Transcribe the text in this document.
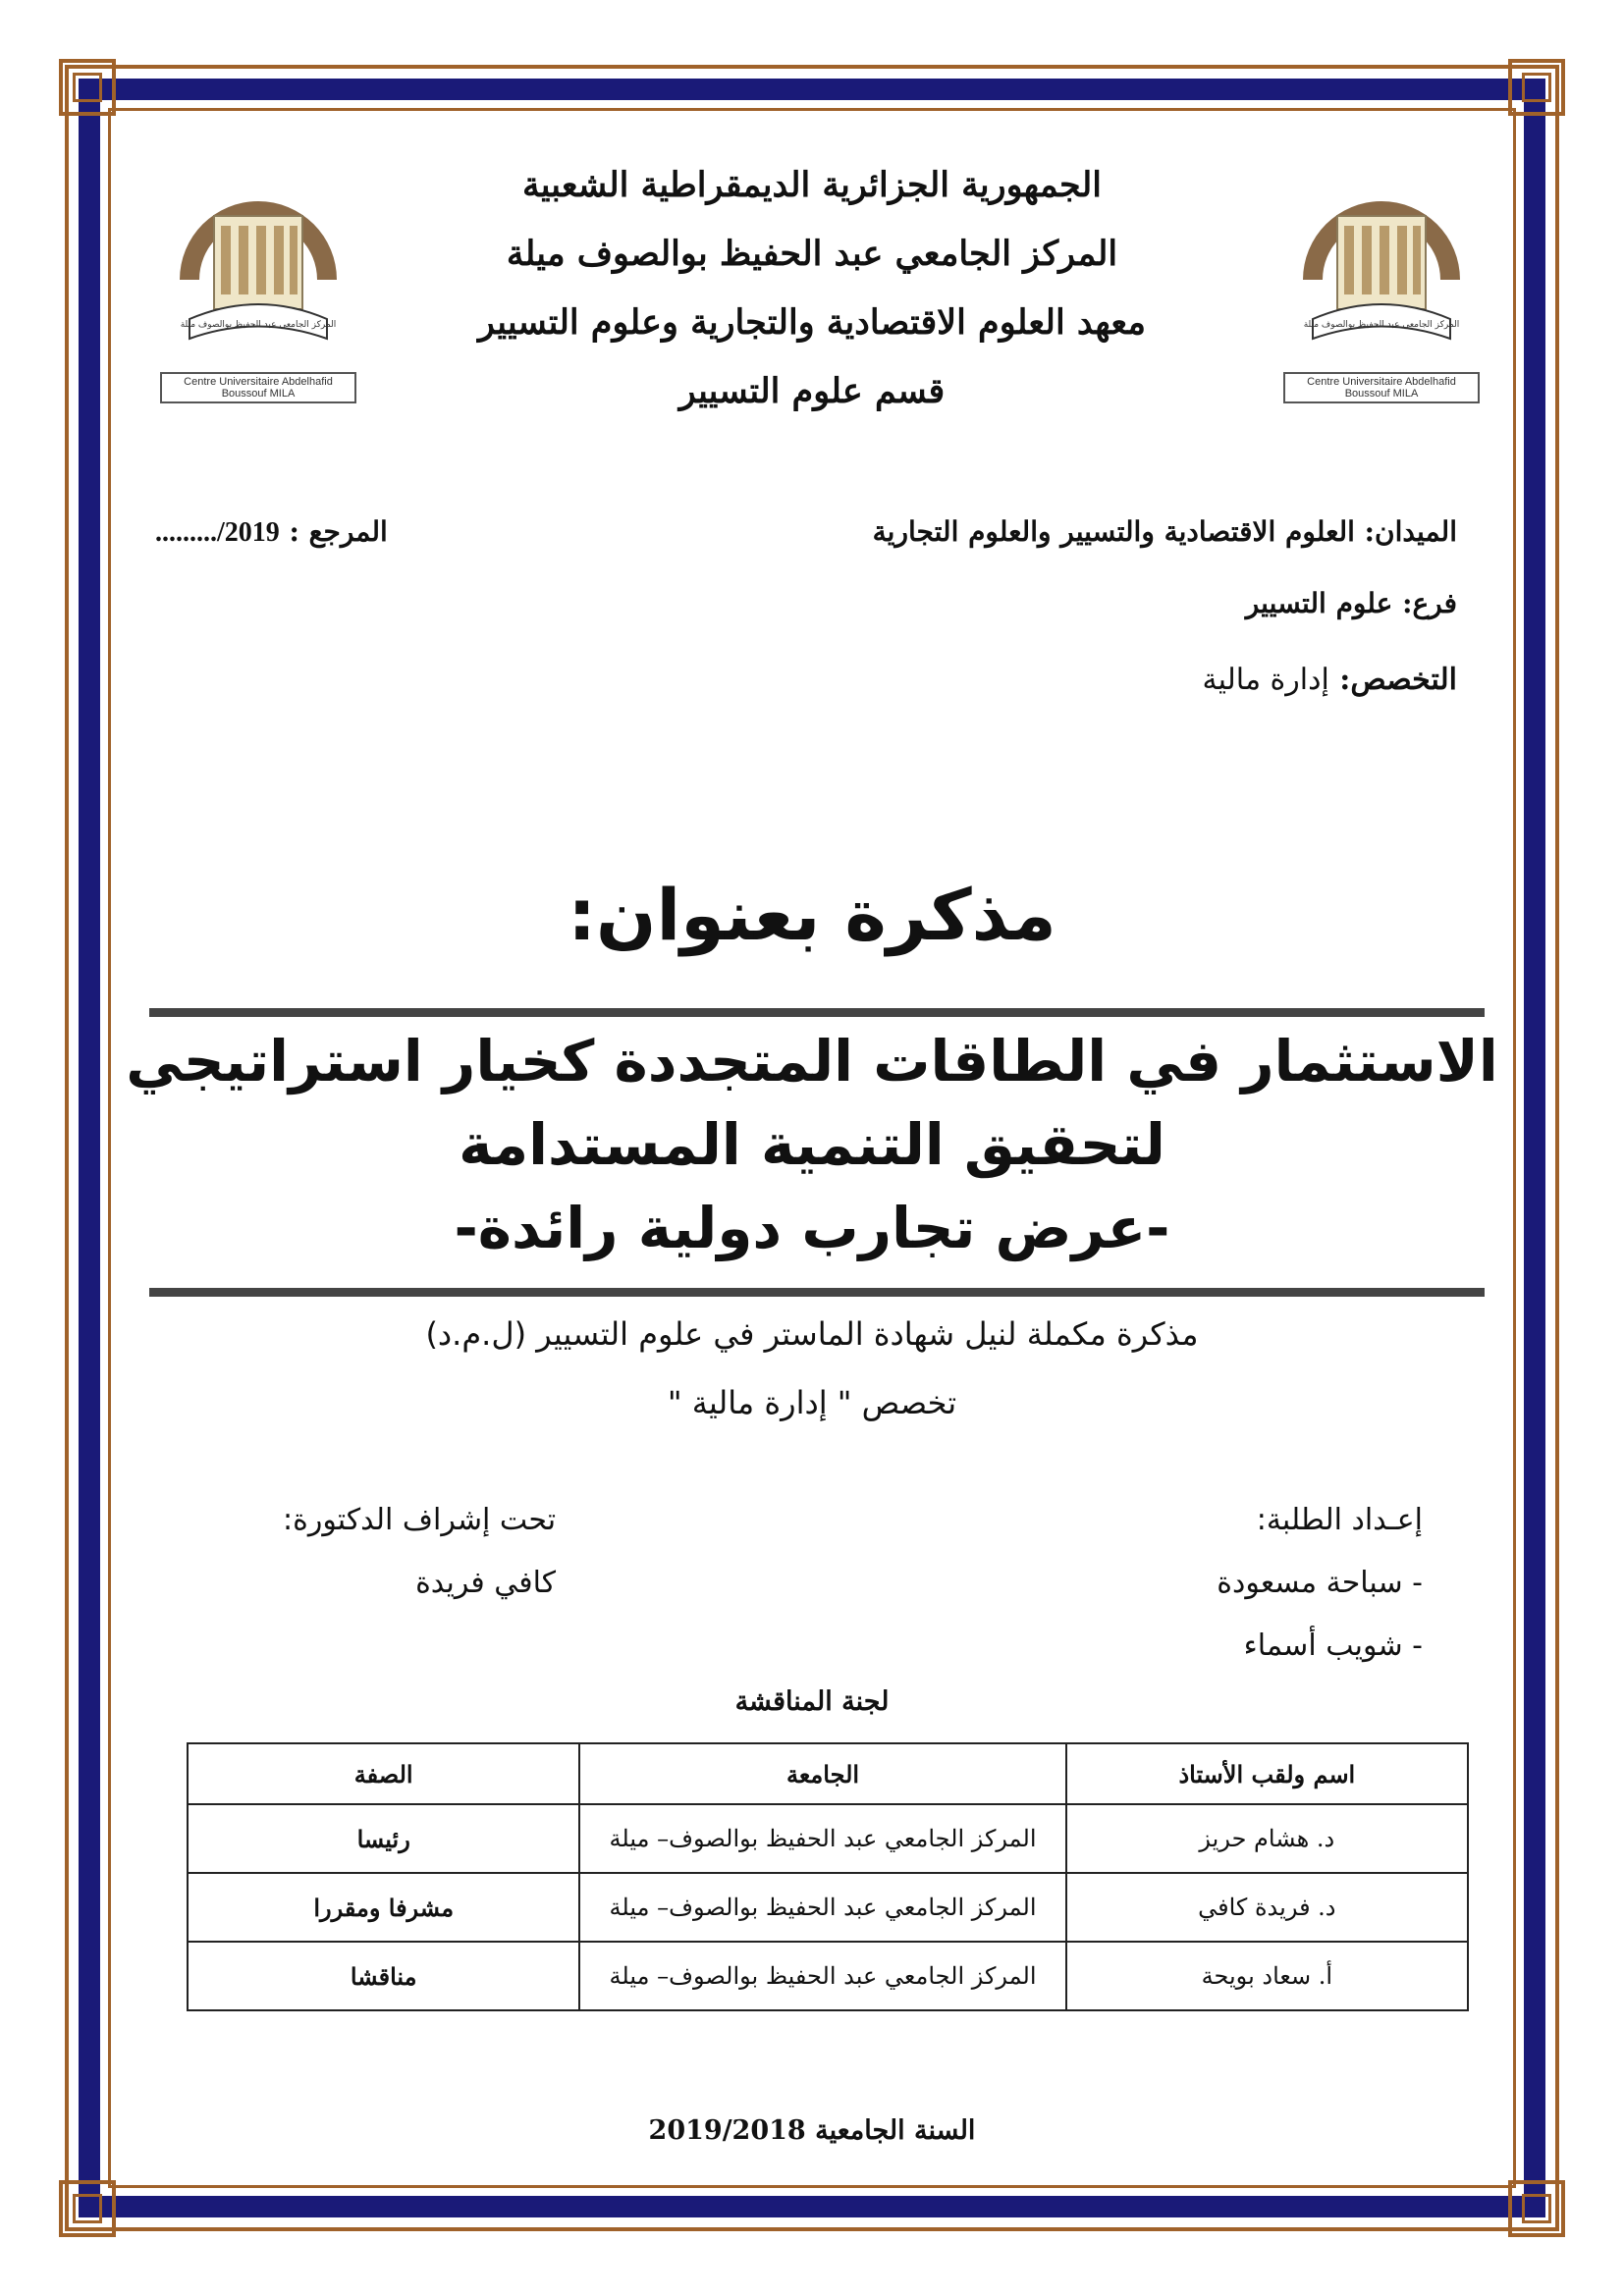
المركز الجامعي عبد الحفيظ بوالصوف ميلة
Centre Universitaire Abdelhafid Boussouf MILA
المركز الجامعي عبد الحفيظ بوالصوف ميلة
Centre Universitaire Abdelhafid Boussouf MILA
الجمهورية الجزائرية الديمقراطية الشعبية
المركز الجامعي عبد الحفيظ بوالصوف ميلة
معهد العلوم الاقتصادية والتجارية وعلوم التسيير
قسم علوم التسيير
الميدان: العلوم الاقتصادية والتسيير والعلوم التجارية
المرجع : 2019/.........
فرع: علوم التسيير
التخصص: إدارة مالية
مذكرة بعنوان:
الاستثمار في الطاقات المتجددة كخيار استراتيجي
لتحقيق التنمية المستدامة
-عرض تجارب دولية رائدة-
مذكرة مكملة لنيل شهادة الماستر في علوم التسيير (ل.م.د)
تخصص " إدارة مالية "
إعـداد الطلبة:
- سباحة مسعودة
- شويب أسماء
تحت إشراف الدكتورة:
كافي فريدة
لجنة المناقشة
اسم ولقب الأستاذ	الجامعة	الصفة
د. هشام حريز	المركز الجامعي عبد الحفيظ بوالصوف– ميلة	رئيسا
د. فريدة كافي	المركز الجامعي عبد الحفيظ بوالصوف– ميلة	مشرفا ومقررا
أ. سعاد بويحة	المركز الجامعي عبد الحفيظ بوالصوف– ميلة	مناقشا
السنة الجامعية 2019/2018
